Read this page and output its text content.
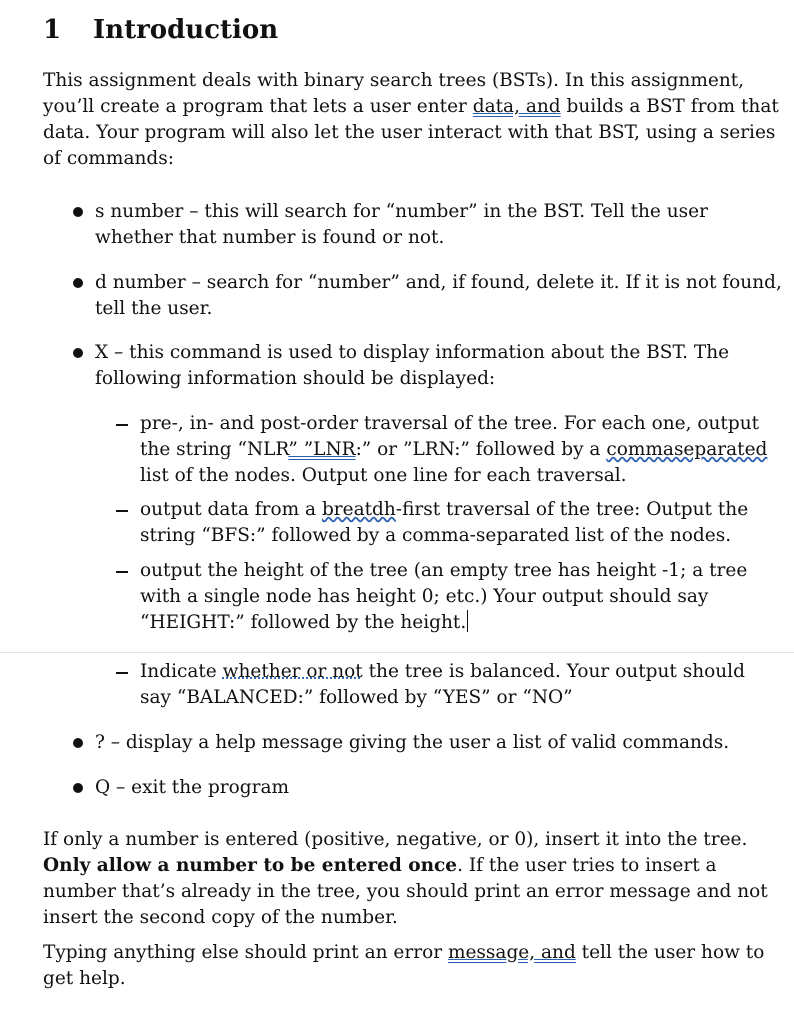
1 Introduction
This assignment deals with binary search trees (BSTs). In this assignment,
you’ll create a program that lets a user enter data, and builds a BST from that
data. Your program will also let the user interact with that BST, using a series
of commands:
s number – this will search for “number” in the BST. Tell the user
whether that number is found or not.
d number – search for “number” and, if found, delete it. If it is not found,
tell the user.
X – this command is used to display information about the BST. The
following information should be displayed:
pre-, in- and post-order traversal of the tree. For each one, output
the string “NLR” ”LNR:” or ”LRN:” followed by a commaseparated
list of the nodes. Output one line for each traversal.
output data from a breatdh-first traversal of the tree: Output the
string “BFS:” followed by a comma-separated list of the nodes.
output the height of the tree (an empty tree has height -1; a tree
with a single node has height 0; etc.) Your output should say
“HEIGHT:” followed by the height.
Indicate whether or not the tree is balanced. Your output should
say “BALANCED:” followed by “YES” or “NO”
? – display a help message giving the user a list of valid commands.
Q – exit the program
If only a number is entered (positive, negative, or 0), insert it into the tree.
Only allow a number to be entered once. If the user tries to insert a
number that’s already in the tree, you should print an error message and not
insert the second copy of the number.
Typing anything else should print an error message, and tell the user how to
get help.
